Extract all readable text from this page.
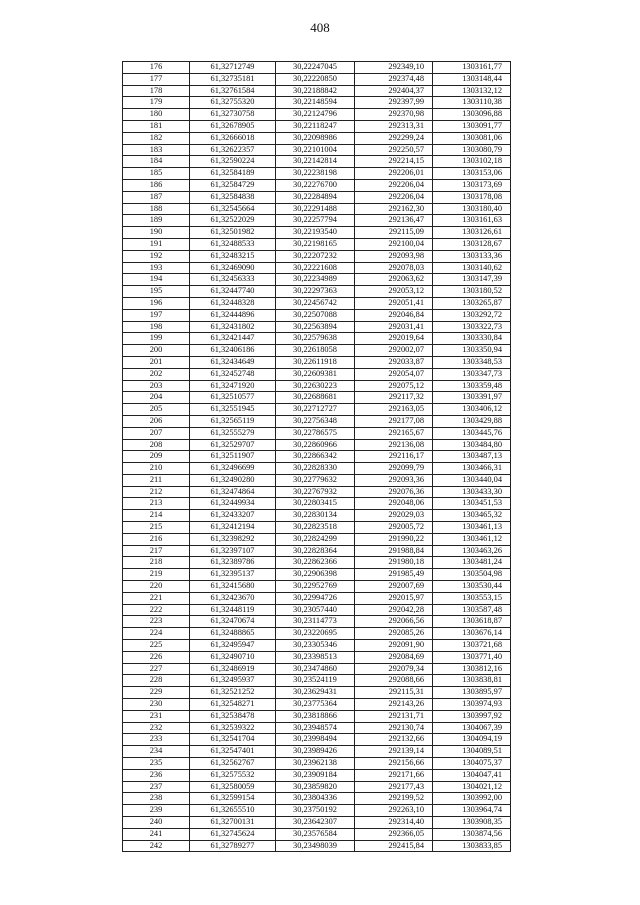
408
176	61,32712749	30,22247045	292349,10	1303161,77
177	61,32735181	30,22220850	292374,48	1303148,44
178	61,32761584	30,22188842	292404,37	1303132,12
179	61,32755320	30,22148594	292397,99	1303110,38
180	61,32730758	30,22124796	292370,98	1303096,88
181	61,32678905	30,22118247	292313,31	1303091,77
182	61,32666018	30,22098986	292299,24	1303081,06
183	61,32622357	30,22101004	292250,57	1303080,79
184	61,32590224	30,22142814	292214,15	1303102,18
185	61,32584189	30,22238198	292206,01	1303153,06
186	61,32584729	30,22276700	292206,04	1303173,69
187	61,32584838	30,22284894	292206,04	1303178,08
188	61,32545664	30,22291488	292162,30	1303180,40
189	61,32522029	30,22257794	292136,47	1303161,63
190	61,32501982	30,22193540	292115,09	1303126,61
191	61,32488533	30,22198165	292100,04	1303128,67
192	61,32483215	30,22207232	292093,98	1303133,36
193	61,32469090	30,22221608	292078,03	1303140,62
194	61,32456333	30,22234989	292063,62	1303147,39
195	61,32447740	30,22297363	292053,12	1303180,52
196	61,32448328	30,22456742	292051,41	1303265,87
197	61,32444896	30,22507088	292046,84	1303292,72
198	61,32431802	30,22563894	292031,41	1303322,73
199	61,32421447	30,22579638	292019,64	1303330,84
200	61,32406186	30,22618058	292002,07	1303350,94
201	61,32434649	30,22611918	292033,87	1303348,53
202	61,32452748	30,22609381	292054,07	1303347,73
203	61,32471920	30,22630223	292075,12	1303359,48
204	61,32510577	30,22688681	292117,32	1303391,97
205	61,32551945	30,22712727	292163,05	1303406,12
206	61,32565119	30,22756348	292177,08	1303429,88
207	61,32555279	30,22786575	292165,67	1303445,76
208	61,32529707	30,22860966	292136,08	1303484,80
209	61,32511907	30,22866342	292116,17	1303487,13
210	61,32496699	30,22828330	292099,79	1303466,31
211	61,32490280	30,22779632	292093,36	1303440,04
212	61,32474864	30,22767932	292076,36	1303433,30
213	61,32449934	30,22803415	292048,06	1303451,53
214	61,32433207	30,22830134	292029,03	1303465,32
215	61,32412194	30,22823518	292005,72	1303461,13
216	61,32398292	30,22824299	291990,22	1303461,12
217	61,32397107	30,22828364	291988,84	1303463,26
218	61,32389786	30,22862366	291980,18	1303481,24
219	61,32395137	30,22906398	291985,49	1303504,98
220	61,32415680	30,22952769	292007,69	1303530,44
221	61,32423670	30,22994726	292015,97	1303553,15
222	61,32448119	30,23057440	292042,28	1303587,48
223	61,32470674	30,23114773	292066,56	1303618,87
224	61,32488865	30,23220695	292085,26	1303676,14
225	61,32495947	30,23305346	292091,90	1303721,68
226	61,32490710	30,23398513	292084,69	1303771,40
227	61,32486919	30,23474860	292079,34	1303812,16
228	61,32495937	30,23524119	292088,66	1303838,81
229	61,32521252	30,23629431	292115,31	1303895,97
230	61,32548271	30,23775364	292143,26	1303974,93
231	61,32538478	30,23818866	292131,71	1303997,92
232	61,32539322	30,23948574	292130,74	1304067,39
233	61,32541704	30,23998494	292132,66	1304094,19
234	61,32547401	30,23989426	292139,14	1304089,51
235	61,32562767	30,23962138	292156,66	1304075,37
236	61,32575532	30,23909184	292171,66	1304047,41
237	61,32580059	30,23859820	292177,43	1304021,12
238	61,32599154	30,23804336	292199,52	1303992,00
239	61,32655510	30,23750192	292263,10	1303964,74
240	61,32700131	30,23642307	292314,40	1303908,35
241	61,32745624	30,23576584	292366,05	1303874,56
242	61,32789277	30,23498039	292415,84	1303833,85
